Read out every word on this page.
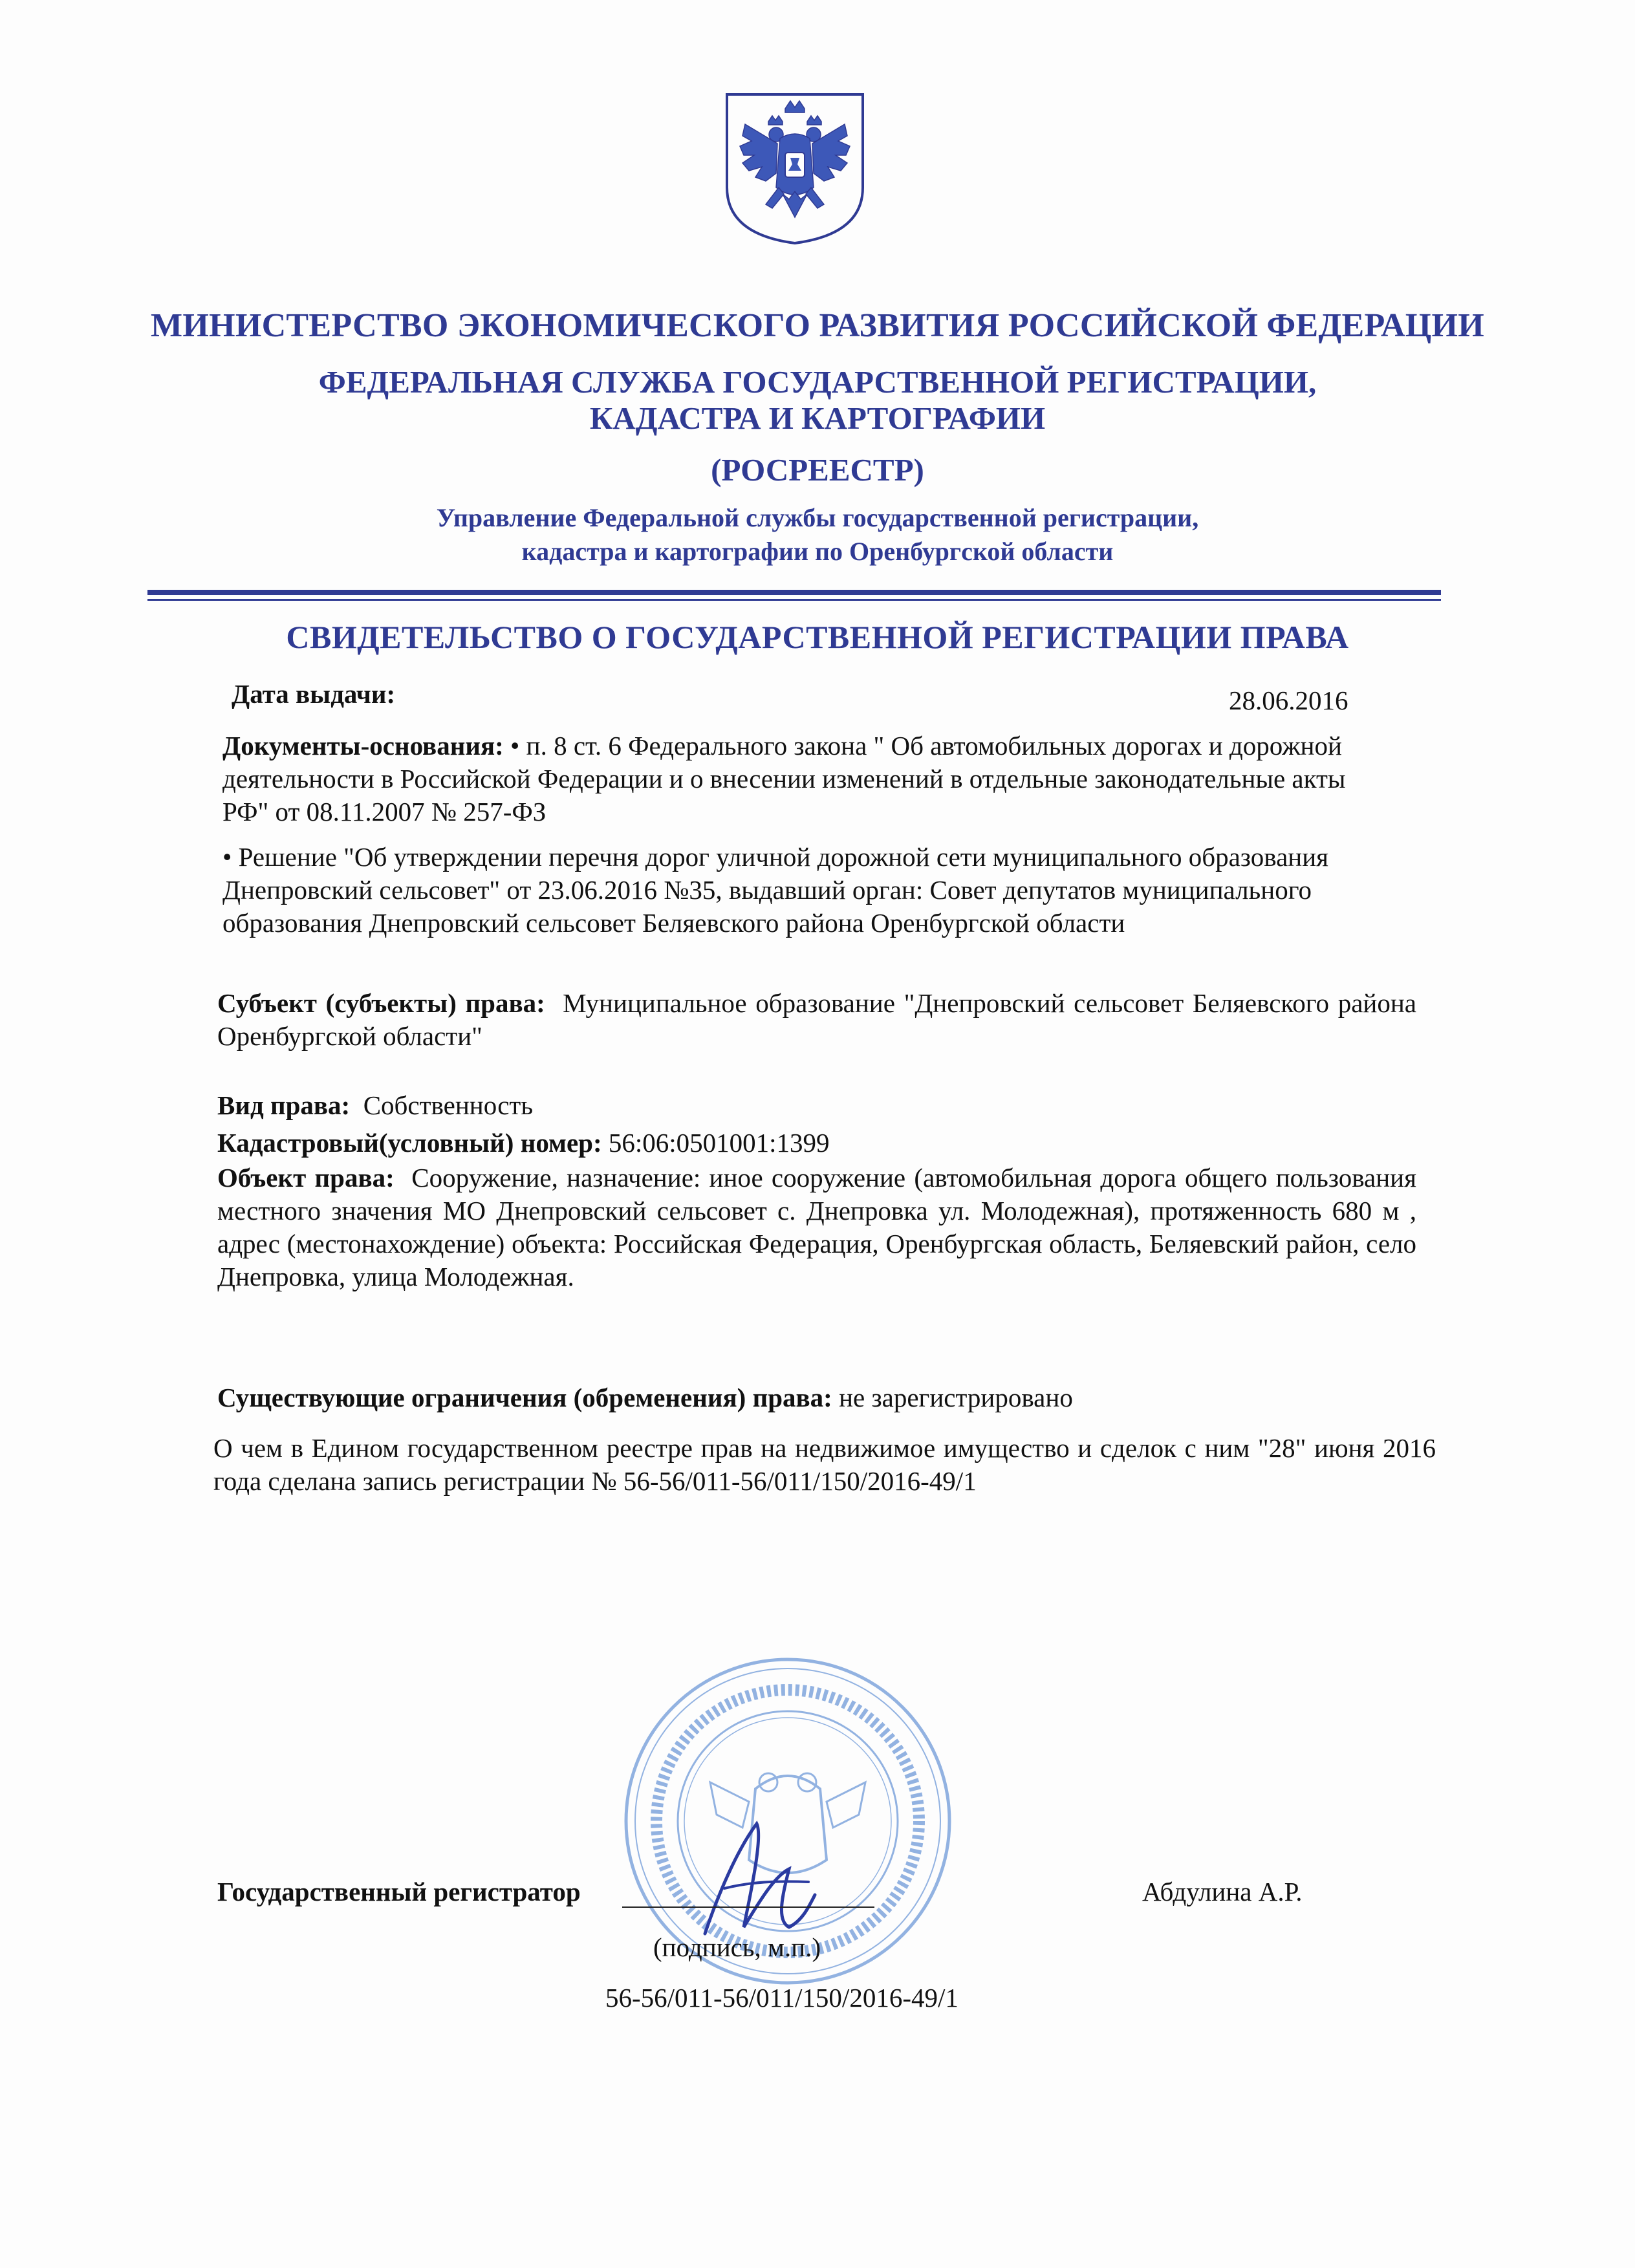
МИНИСТЕРСТВО ЭКОНОМИЧЕСКОГО РАЗВИТИЯ РОССИЙСКОЙ ФЕДЕРАЦИИ
ФЕДЕРАЛЬНАЯ СЛУЖБА ГОСУДАРСТВЕННОЙ РЕГИСТРАЦИИ,
КАДАСТРА И КАРТОГРАФИИ
(РОСРЕЕСТР)
Управление Федеральной службы государственной регистрации,
кадастра и картографии по Оренбургской области
СВИДЕТЕЛЬСТВО О ГОСУДАРСТВЕННОЙ РЕГИСТРАЦИИ ПРАВА
Дата выдачи:	28.06.2016
Документы-основания: • п. 8 ст. 6 Федерального закона " Об автомобильных дорогах и дорожной деятельности в Российской Федерации и о внесении изменений в отдельные законодательные акты РФ" от 08.11.2007 № 257-ФЗ
• Решение "Об утверждении перечня дорог уличной дорожной сети муниципального образования Днепровский сельсовет" от 23.06.2016 №35, выдавший орган: Совет депутатов муниципального образования Днепровский сельсовет Беляевского района Оренбургской области
Субъект (субъекты) права: Муниципальное образование "Днепровский сельсовет Беляевского района Оренбургской области"
Вид права: Собственность
Кадастровый(условный) номер: 56:06:0501001:1399
Объект права: Сооружение, назначение: иное сооружение (автомобильная дорога общего пользования местного значения МО Днепровский сельсовет с. Днепровка ул. Молодежная), протяженность 680 м , адрес (местонахождение) объекта: Российская Федерация, Оренбургская область, Беляевский район, село Днепровка, улица Молодежная.
Существующие ограничения (обременения) права: не зарегистрировано
О чем в Едином государственном реестре прав на недвижимое имущество и сделок с ним "28" июня 2016 года сделана запись регистрации № 56-56/011-56/011/150/2016-49/1
Государственный регистратор	Абдулина А.Р.
(подпись, м.п.)
56-56/011-56/011/150/2016-49/1
